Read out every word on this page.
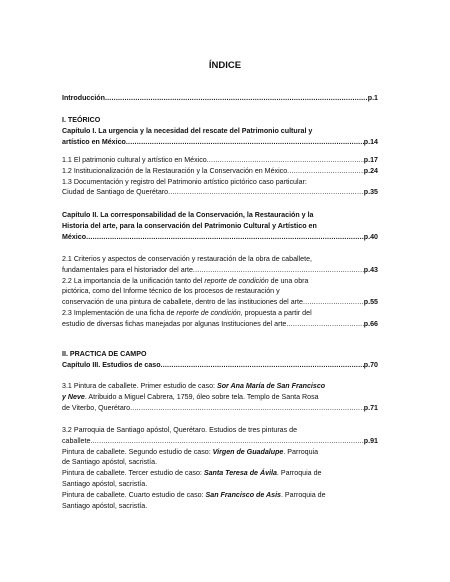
ÍNDICE
Introducción .....	p.1
I. TEÓRICO
Capítulo I. La urgencia y la necesidad del rescate del Patrimonio cultural y
artístico en México .....	p.14
1.1 El patrimonio cultural y artístico en México .....	p.17
1.2 Institucionalización de la Restauración y la Conservación en México .....	p.24
1.3 Documentación y registro del Patrimonio artístico pictórico caso particular:
Ciudad de Santiago de Querétaro .....	p.35
Capítulo II. La corresponsabilidad de la Conservación, la Restauración y la
Historia del arte, para la conservación del Patrimonio Cultural y Artístico en
México .....	p.40
2.1 Criterios y aspectos de conservación y restauración de la obra de caballete,
fundamentales para el historiador del arte .....	p.43
2.2 La importancia de la unificación tanto del reporte de condición de una obra
pictórica, como del Informe técnico de los procesos de restauración y
conservación de una pintura de caballete, dentro de las instituciones del arte .....	p.55
2.3 Implementación de una ficha de reporte de condición, propuesta a partir del
estudio de diversas fichas manejadas por algunas Instituciones del arte .....	p.66
II. PRACTICA DE CAMPO
Capítulo III. Estudios de caso .....	p.70
3.1 Pintura de caballete. Primer estudio de caso: Sor Ana María de San Francisco
y Neve. Atribuido a Miguel Cabrera, 1759, óleo sobre tela. Templo de Santa Rosa
de Viterbo, Querétaro .....	p.71
3.2 Parroquia de Santiago apóstol, Querétaro. Estudios de tres pinturas de
caballete .....	p.91
Pintura de caballete. Segundo estudio de caso: Virgen de Guadalupe. Parroquia
de Santiago apóstol, sacristía.
Pintura de caballete. Tercer estudio de caso: Santa Teresa de Ávila. Parroquia de
Santiago apóstol, sacristía.
Pintura de caballete. Cuarto estudio de caso: San Francisco de Asis. Parroquia de
Santiago apóstol, sacristía.
